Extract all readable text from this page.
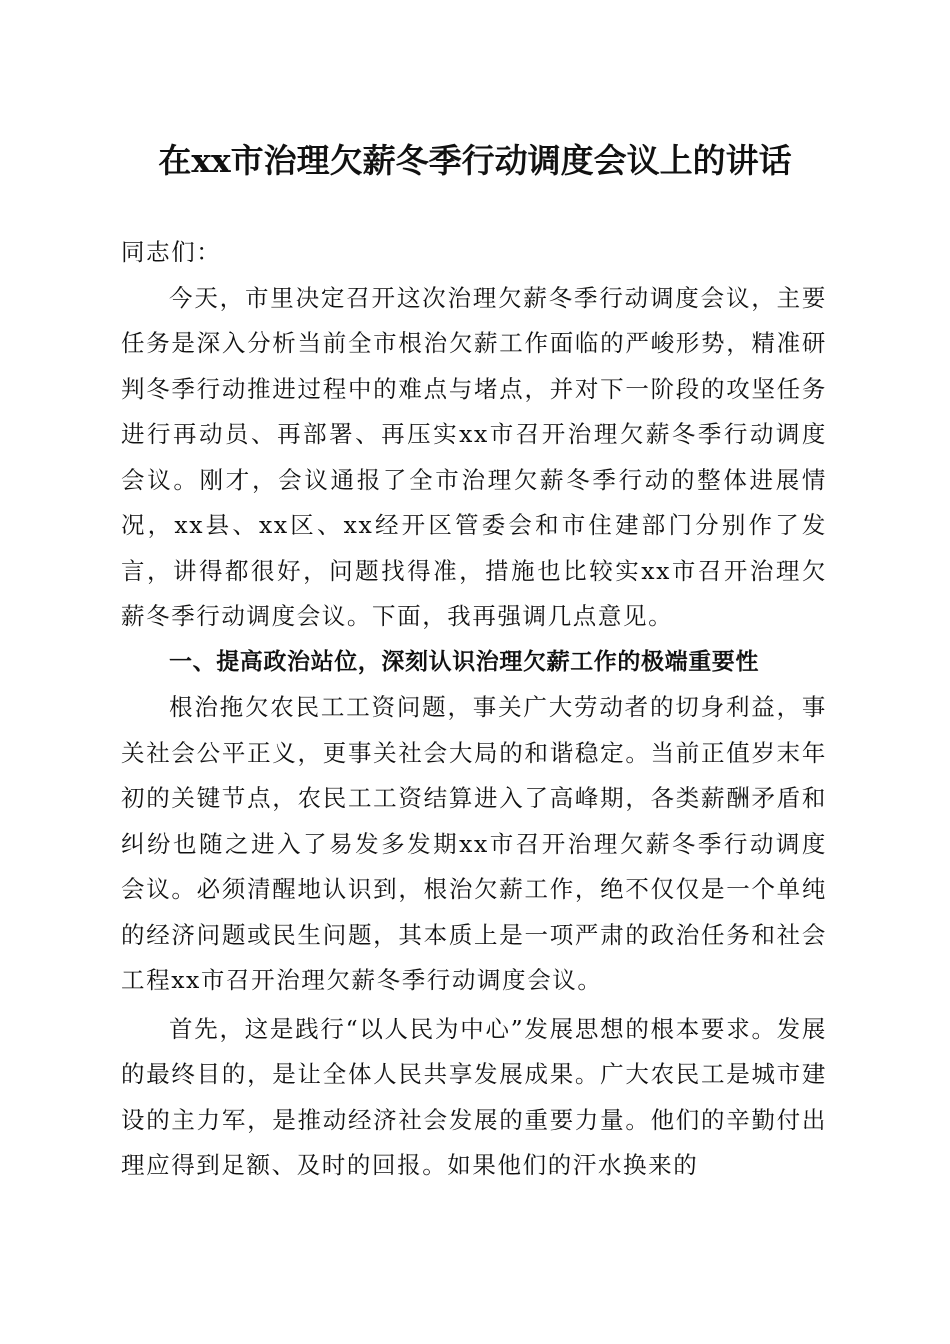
在xx市治理欠薪冬季行动调度会议上的讲话

同志们：

今天，市里决定召开这次治理欠薪冬季行动调度会议，主要任务是深入分析当前全市根治欠薪工作面临的严峻形势，精准研判冬季行动推进过程中的难点与堵点，并对下一阶段的攻坚任务进行再动员、再部署、再压实xx市召开治理欠薪冬季行动调度会议。刚才，会议通报了全市治理欠薪冬季行动的整体进展情况，xx县、xx区、xx经开区管委会和市住建部门分别作了发言，讲得都很好，问题找得准，措施也比较实xx市召开治理欠薪冬季行动调度会议。下面，我再强调几点意见。

一、提高政治站位，深刻认识治理欠薪工作的极端重要性

根治拖欠农民工工资问题，事关广大劳动者的切身利益，事关社会公平正义，更事关社会大局的和谐稳定。当前正值岁末年初的关键节点，农民工工资结算进入了高峰期，各类薪酬矛盾和纠纷也随之进入了易发多发期xx市召开治理欠薪冬季行动调度会议。必须清醒地认识到，根治欠薪工作，绝不仅仅是一个单纯的经济问题或民生问题，其本质上是一项严肃的政治任务和社会工程xx市召开治理欠薪冬季行动调度会议。

首先，这是践行“以人民为中心”发展思想的根本要求。发展的最终目的，是让全体人民共享发展成果。广大农民工是城市建设的主力军，是推动经济社会发展的重要力量。他们的辛勤付出理应得到足额、及时的回报。如果他们的汗水换来的
